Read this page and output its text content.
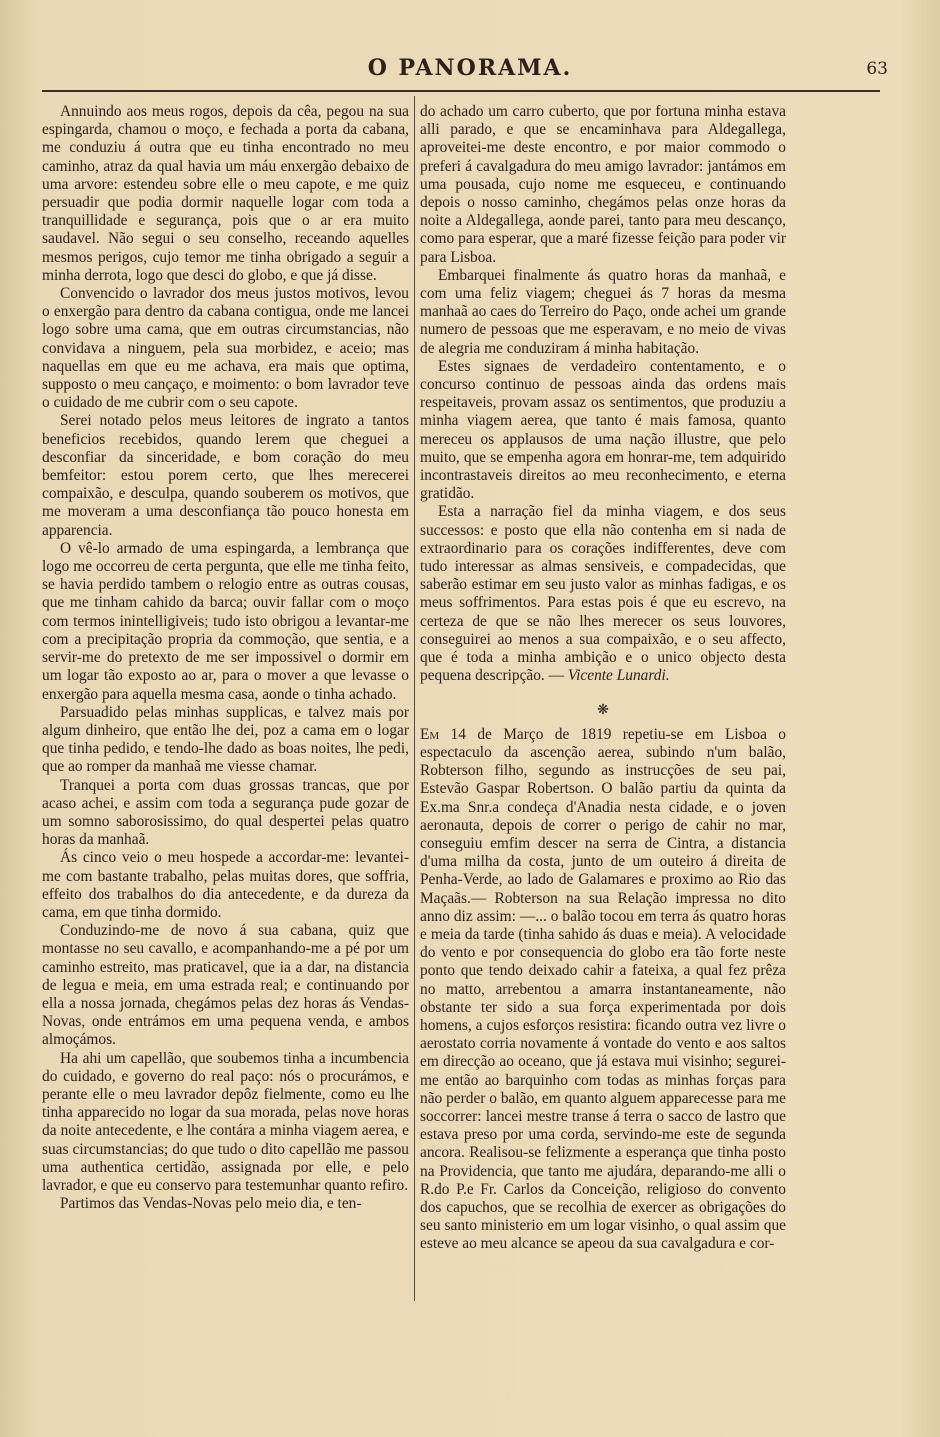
O PANORAMA.	63

Annuindo aos meus rogos, depois da cêa, pegou na sua espingarda, chamou o moço, e fechada a porta da cabana, me conduziu á outra que eu tinha encontrado no meu caminho, atraz da qual havia um máu enxergão debaixo de uma arvore: estendeu sobre elle o meu capote, e me quiz persuadir que podia dormir naquelle logar com toda a tranquillidade e segurança, pois que o ar era muito saudavel. Não segui o seu conselho, receando aquelles mesmos perigos, cujo temor me tinha obrigado a seguir a minha derrota, logo que desci do globo, e que já disse.

Convencido o lavrador dos meus justos motivos, levou o enxergão para dentro da cabana contigua, onde me lancei logo sobre uma cama, que em outras circumstancias, não convidava a ninguem, pela sua morbidez, e aceio; mas naquellas em que eu me achava, era mais que optima, supposto o meu cançaço, e moimento: o bom lavrador teve o cuidado de me cubrir com o seu capote.

Serei notado pelos meus leitores de ingrato a tantos beneficios recebidos, quando lerem que cheguei a desconfiar da sinceridade, e bom coração do meu bemfeitor: estou porem certo, que lhes merecerei compaixão, e desculpa, quando souberem os motivos, que me moveram a uma desconfiança tão pouco honesta em apparencia.

O vê-lo armado de uma espingarda, a lembrança que logo me occorreu de certa pergunta, que elle me tinha feito, se havia perdido tambem o relogio entre as outras cousas, que me tinham cahido da barca; ouvir fallar com o moço com termos inintelligiveis; tudo isto obrigou a levantar-me com a precipitação propria da commoção, que sentia, e a servir-me do pretexto de me ser impossivel o dormir em um logar tão exposto ao ar, para o mover a que levasse o enxergão para aquella mesma casa, aonde o tinha achado.

Parsuadido pelas minhas supplicas, e talvez mais por algum dinheiro, que então lhe dei, poz a cama em o logar que tinha pedido, e tendo-lhe dado as boas noites, lhe pedi, que ao romper da manhaã me viesse chamar.

Tranquei a porta com duas grossas trancas, que por acaso achei, e assim com toda a segurança pude gozar de um somno saborosissimo, do qual despertei pelas quatro horas da manhaã.

Ás cinco veio o meu hospede a accordar-me: levantei-me com bastante trabalho, pelas muitas dores, que soffria, effeito dos trabalhos do dia antecedente, e da dureza da cama, em que tinha dormido.

Conduzindo-me de novo á sua cabana, quiz que montasse no seu cavallo, e acompanhando-me a pé por um caminho estreito, mas praticavel, que ia a dar, na distancia de legua e meia, em uma estrada real; e continuando por ella a nossa jornada, chegámos pelas dez horas ás Vendas-Novas, onde entrámos em uma pequena venda, e ambos almoçámos.

Ha ahi um capellão, que soubemos tinha a incumbencia do cuidado, e governo do real paço: nós o procurámos, e perante elle o meu lavrador depôz fielmente, como eu lhe tinha apparecido no logar da sua morada, pelas nove horas da noite antecedente, e lhe contára a minha viagem aerea, e suas circumstancias; do que tudo o dito capellão me passou uma authentica certidão, assignada por elle, e pelo lavrador, e que eu conservo para testemunhar quanto refiro.

Partimos das Vendas-Novas pelo meio dia, e ten-

do achado um carro cuberto, que por fortuna minha estava alli parado, e que se encaminhava para Aldegallega, aproveitei-me deste encontro, e por maior commodo o preferi á cavalgadura do meu amigo lavrador: jantámos em uma pousada, cujo nome me esqueceu, e continuando depois o nosso caminho, chegámos pelas onze horas da noite a Aldegallega, aonde parei, tanto para meu descanço, como para esperar, que a maré fizesse feição para poder vir para Lisboa.

Embarquei finalmente ás quatro horas da manhaã, e com uma feliz viagem; cheguei ás 7 horas da mesma manhaã ao caes do Terreiro do Paço, onde achei um grande numero de pessoas que me esperavam, e no meio de vivas de alegria me conduziram á minha habitação.

Estes signaes de verdadeiro contentamento, e o concurso continuo de pessoas ainda das ordens mais respeitaveis, provam assaz os sentimentos, que produziu a minha viagem aerea, que tanto é mais famosa, quanto mereceu os applausos de uma nação illustre, que pelo muito, que se empenha agora em honrar-me, tem adquirido incontrastaveis direitos ao meu reconhecimento, e eterna gratidão.

Esta a narração fiel da minha viagem, e dos seus successos: e posto que ella não contenha em si nada de extraordinario para os corações indifferentes, deve com tudo interessar as almas sensiveis, e compadecidas, que saberão estimar em seu justo valor as minhas fadigas, e os meus soffrimentos. Para estas pois é que eu escrevo, na certeza de que se não lhes merecer os seus louvores, conseguirei ao menos a sua compaixão, e o seu affecto, que é toda a minha ambição e o unico objecto desta pequena descripção. — Vicente Lunardi.

❋

Em 14 de Março de 1819 repetiu-se em Lisboa o espectaculo da ascenção aerea, subindo n'um balão, Robterson filho, segundo as instrucções de seu pai, Estevão Gaspar Robertson. O balão partiu da quinta da Ex.ma Snr.a condeça d'Anadia nesta cidade, e o joven aeronauta, depois de correr o perigo de cahir no mar, conseguiu emfim descer na serra de Cintra, a distancia d'uma milha da costa, junto de um outeiro á direita de Penha-Verde, ao lado de Galamares e proximo ao Rio das Maçaãs.— Robterson na sua Relação impressa no dito anno diz assim: —... o balão tocou em terra ás quatro horas e meia da tarde (tinha sahido ás duas e meia). A velocidade do vento e por consequencia do globo era tão forte neste ponto que tendo deixado cahir a fateixa, a qual fez prêza no matto, arrebentou a amarra instantaneamente, não obstante ter sido a sua força experimentada por dois homens, a cujos esforços resistira: ficando outra vez livre o aerostato corria novamente á vontade do vento e aos saltos em direcção ao oceano, que já estava mui visinho; segurei-me então ao barquinho com todas as minhas forças para não perder o balão, em quanto alguem apparecesse para me soccorrer: lancei mestre transe á terra o sacco de lastro que estava preso por uma corda, servindo-me este de segunda ancora. Realisou-se felizmente a esperança que tinha posto na Providencia, que tanto me ajudára, deparando-me alli o R.do P.e Fr. Carlos da Conceição, religioso do convento dos capuchos, que se recolhia de exercer as obrigações do seu santo ministerio em um logar visinho, o qual assim que esteve ao meu alcance se apeou da sua cavalgadura e cor-
